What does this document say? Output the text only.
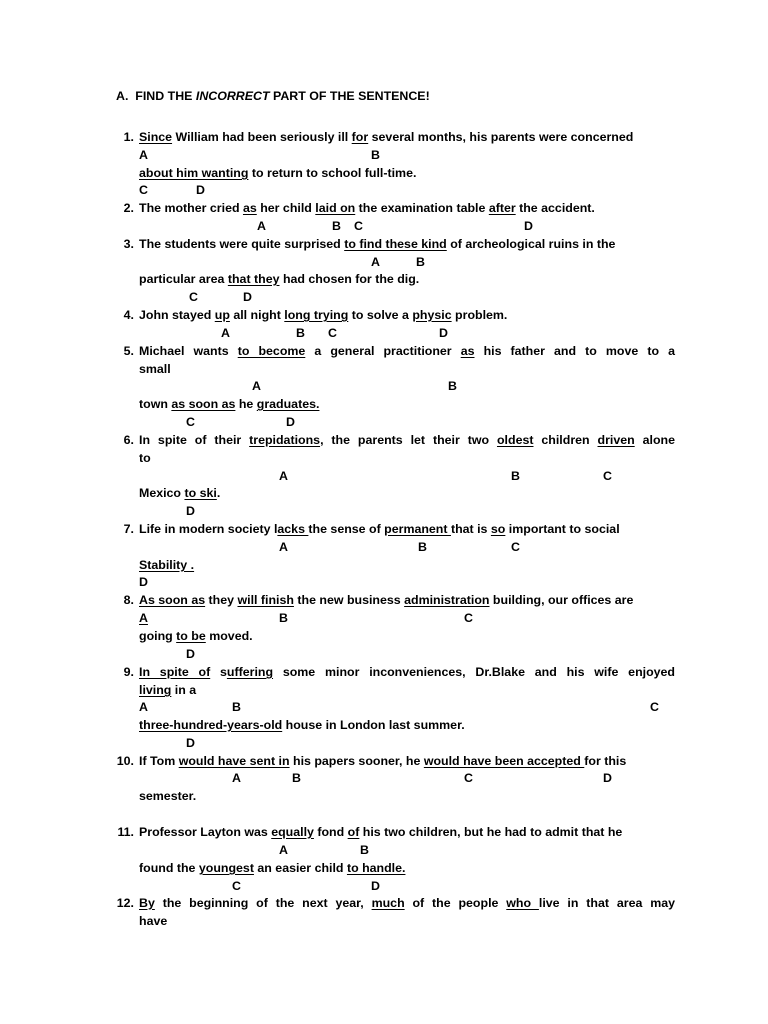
A. FIND THE INCORRECT PART OF THE SENTENCE!
1. Since William had been seriously ill for several months, his parents were concerned
A	B
about him wanting to return to school full-time.
C	D
2. The mother cried as her child laid on the examination table after the accident.
A	B C	D
3. The students were quite surprised to find these kind of archeological ruins in the
A	B
particular area that they had chosen for the dig.
C	D
4. John stayed up all night long trying to solve a physic problem.
A	B C	D
5. Michael wants to become a general practitioner as his father and to move to a
small
A	B
town as soon as he graduates.
C	D
6. In spite of their trepidations, the parents let their two oldest children driven alone
to
A	B	C
Mexico to ski.
D
7. Life in modern society lacks the sense of permanent that is so important to social
A	B	C
Stability .
D
8. As soon as they will finish the new business administration building, our offices are
A	B	C
going to be moved.
D
9. In spite of suffering some minor inconveniences, Dr.Blake and his wife enjoyed
living in a
A	B	C
three-hundred-years-old house in London last summer.
D
10. If Tom would have sent in his papers sooner, he would have been accepted for this
A	B	C	D
semester.
11. Professor Layton was equally fond of his two children, but he had to admit that he
A	B
found the youngest an easier child to handle.
C	D
12. By the beginning of the next year, much of the people who live in that area may
have
